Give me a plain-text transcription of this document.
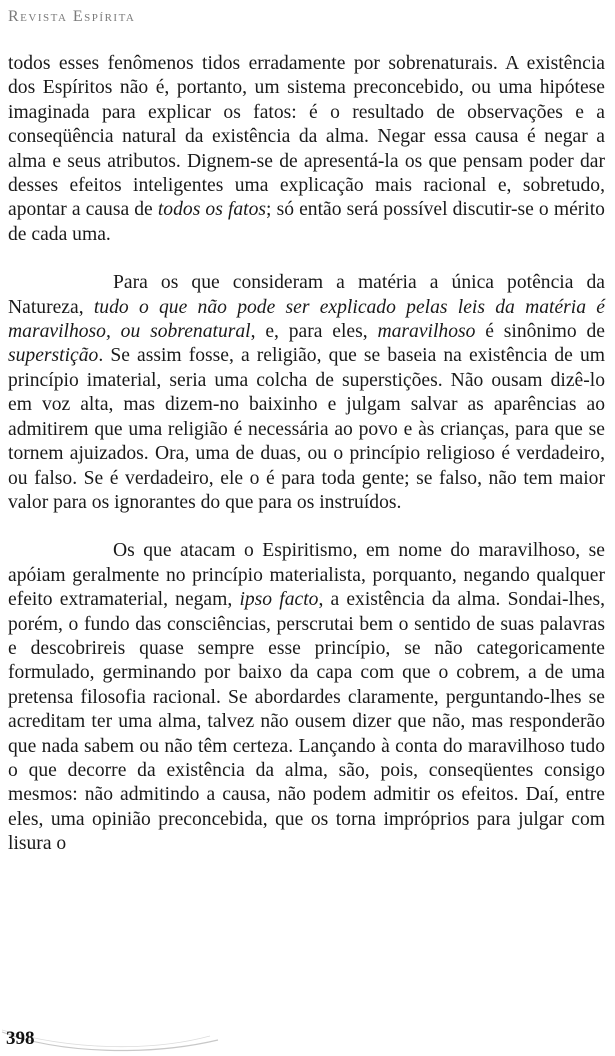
Revista Espírita

todos esses fenômenos tidos erradamente por sobrenaturais. A existência dos Espíritos não é, portanto, um sistema preconcebido, ou uma hipótese imaginada para explicar os fatos: é o resultado de observações e a conseqüência natural da existência da alma. Negar essa causa é negar a alma e seus atributos. Dignem-se de apresentá-la os que pensam poder dar desses efeitos inteligentes uma explicação mais racional e, sobretudo, apontar a causa de todos os fatos; só então será possível discutir-se o mérito de cada uma.

Para os que consideram a matéria a única potência da Natureza, tudo o que não pode ser explicado pelas leis da matéria é maravilhoso, ou sobrenatural, e, para eles, maravilhoso é sinônimo de superstição. Se assim fosse, a religião, que se baseia na existência de um princípio imaterial, seria uma colcha de superstições. Não ousam dizê-lo em voz alta, mas dizem-no baixinho e julgam salvar as aparências ao admitirem que uma religião é necessária ao povo e às crianças, para que se tornem ajuizados. Ora, uma de duas, ou o princípio religioso é verdadeiro, ou falso. Se é verdadeiro, ele o é para toda gente; se falso, não tem maior valor para os ignorantes do que para os instruídos.

Os que atacam o Espiritismo, em nome do maravilhoso, se apóiam geralmente no princípio materialista, porquanto, negando qualquer efeito extramaterial, negam, ipso facto, a existência da alma. Sondai-lhes, porém, o fundo das consciências, perscrutai bem o sentido de suas palavras e descobrireis quase sempre esse princípio, se não categoricamente formulado, germinando por baixo da capa com que o cobrem, a de uma pretensa filosofia racional. Se abordardes claramente, perguntando-lhes se acreditam ter uma alma, talvez não ousem dizer que não, mas responderão que nada sabem ou não têm certeza. Lançando à conta do maravilhoso tudo o que decorre da existência da alma, são, pois, conseqüentes consigo mesmos: não admitindo a causa, não podem admitir os efeitos. Daí, entre eles, uma opinião preconcebida, que os torna impróprios para julgar com lisura o

398
